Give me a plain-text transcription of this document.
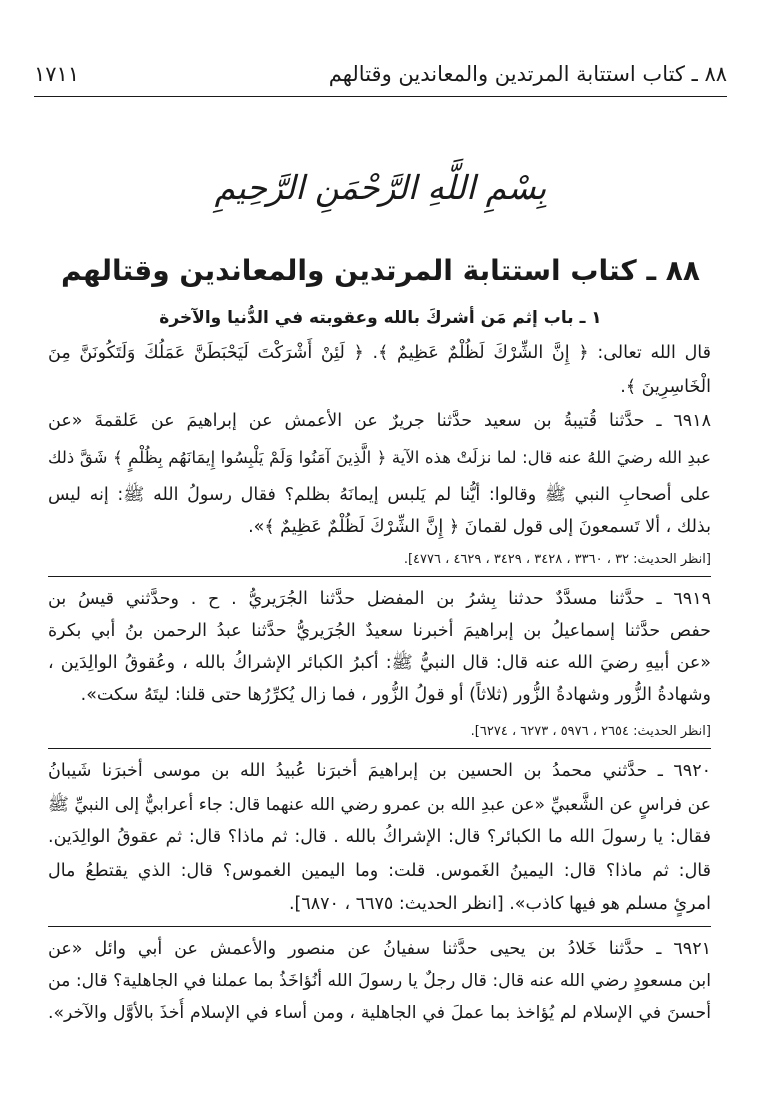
٨٨ ـ كتاب استتابة المرتدين والمعاندين وقتالهم
١٧١١
بِسْمِ اللَّهِ الرَّحْمَنِ الرَّحِيمِ
٨٨ ـ كتاب استتابة المرتدين والمعاندين وقتالهم
١ ـ باب إثم مَن أشركَ بالله وعقوبته في الدُّنيا والآخرة
قال الله تعالى: ﴿ إِنَّ الشِّرْكَ لَظُلْمٌ عَظِيمٌ ﴾. ﴿ لَئِنْ أَشْرَكْتَ لَيَحْبَطَنَّ عَمَلُكَ وَلَتَكُونَنَّ مِنَ
الْخَاسِرِينَ ﴾.
٦٩١٨ ـ حدَّثنا قُتيبةُ بن سعيد حدَّثنا جريرٌ عن الأعمش عن إبراهيمَ عن عَلقمةَ «عن
عبدِ الله رضيَ اللهُ عنه قال: لما نزلَتْ هذه الآية ﴿ الَّذِينَ آمَنُوا وَلَمْ يَلْبِسُوا إِيمَانَهُم بِظُلْمٍ ﴾ شَقَّ ذلك
على أصحابِ النبي ﷺ وقالوا: أيُّنا لم يَلبس إيمانَهُ بظلم؟ فقال رسولُ الله ﷺ: إنه ليس
بذلك ، ألا تَسمعونَ إلى قول لقمانَ ﴿ إِنَّ الشِّرْكَ لَظُلْمٌ عَظِيمٌ ﴾».
[انظر الحديث: ٣٢ ، ٣٣٦٠ ، ٣٤٢٨ ، ٣٤٢٩ ، ٤٦٢٩ ، ٤٧٧٦].
٦٩١٩ ـ حدَّثنا مسدَّدٌ حدثنا بِشرُ بن المفضل حدَّثنا الجُرَيريُّ . ح . وحدَّثني قيسُ بن
حفص حدَّثنا إسماعيلُ بن إبراهيمَ أخبرنا سعيدٌ الجُرَيريُّ حدَّثنا عبدُ الرحمن بنُ أبي بكرة
«عن أبيهِ رضيَ الله عنه قال: قال النبيُّ ﷺ: أكبرُ الكبائر الإشراكُ بالله ، وعُقوقُ الوالِدَين ،
وشهادةُ الزُّور وشهادةُ الزُّور (ثلاثاً) أو قولُ الزُّور ، فما زال يُكرِّرُها حتى قلنا: ليتَهُ سكت».
[انظر الحديث: ٢٦٥٤ ، ٥٩٧٦ ، ٦٢٧٣ ، ٦٢٧٤].
٦٩٢٠ ـ حدَّثني محمدُ بن الحسين بن إبراهيمَ أخبرَنا عُبيدُ الله بن موسى أخبرَنا شَيبانُ
عن فراسٍ عن الشَّعبيِّ «عن عبدِ الله بن عمرو رضي الله عنهما قال: جاء أعرابيٌّ إلى النبيِّ ﷺ
فقال: يا رسولَ الله ما الكبائر؟ قال: الإشراكُ بالله . قال: ثم ماذا؟ قال: ثم عقوقُ الوالِدَين.
قال: ثم ماذا؟ قال: اليمينُ الغَموس. قلت: وما اليمين الغموس؟ قال: الذي يقتطعُ مال
امرئٍ مسلم هو فيها كاذب». [انظر الحديث: ٦٦٧٥ ، ٦٨٧٠].
٦٩٢١ ـ حدَّثنا خَلادُ بن يحيى حدَّثنا سفيانُ عن منصور والأعمش عن أبي وائل «عن
ابن مسعودٍ رضي الله عنه قال: قال رجلٌ يا رسولَ الله أنُؤاخَذُ بما عملنا في الجاهلية؟ قال: من
أحسنَ في الإسلام لم يُؤاخذ بما عملَ في الجاهلية ، ومن أساء في الإسلام أُخذَ بالأوَّل والآخر».
